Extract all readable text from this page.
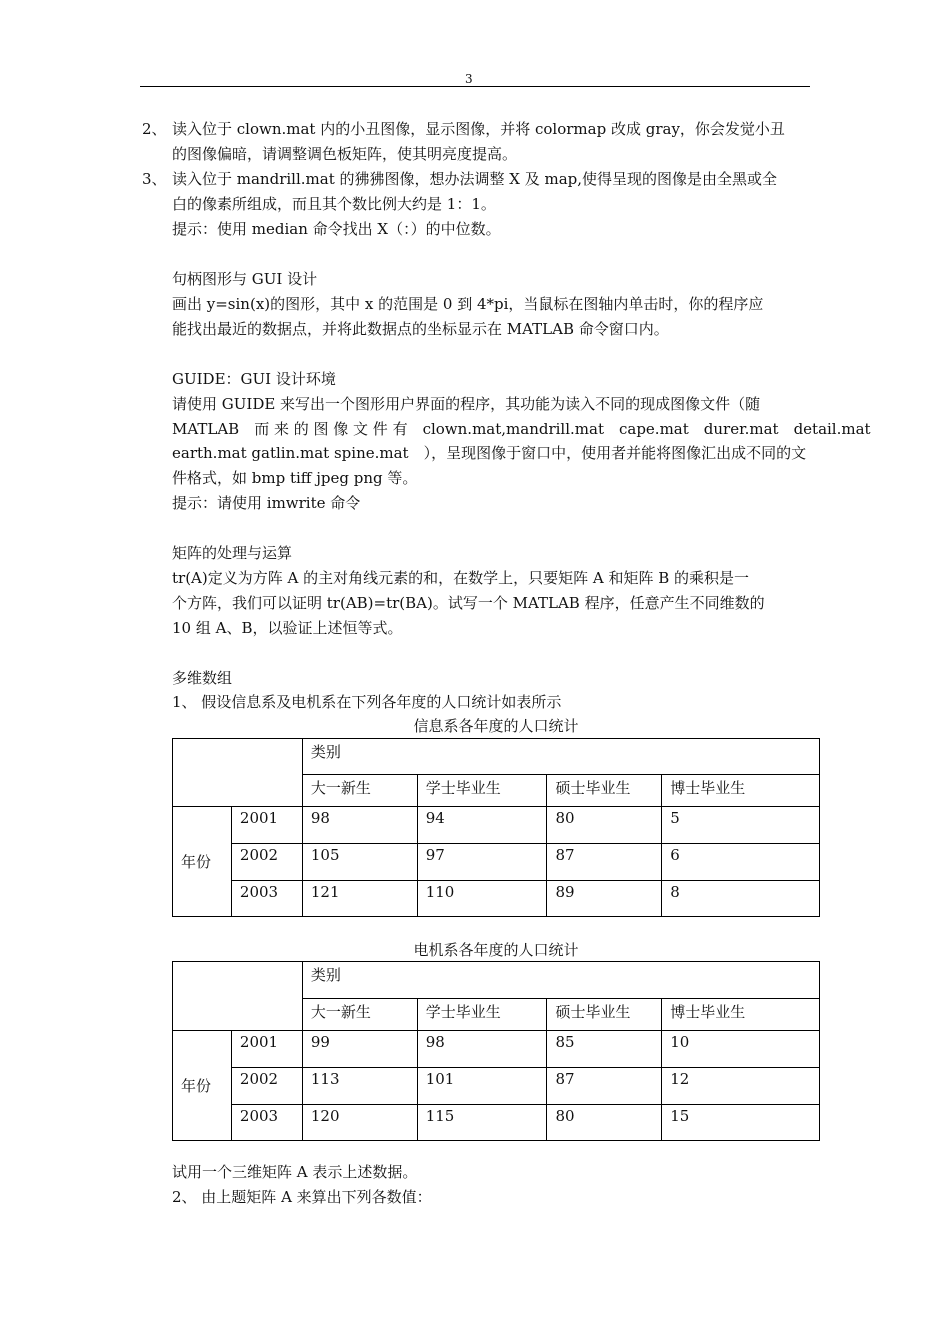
3
2、 读入位于 clown.mat 内的小丑图像，显示图像，并将 colormap 改成 gray，你会发觉小丑
的图像偏暗，请调整调色板矩阵，使其明亮度提高。
3、 读入位于 mandrill.mat 的狒狒图像，想办法调整 X 及 map,使得呈现的图像是由全黑或全
白的像素所组成，而且其个数比例大约是 1：1。
提示：使用 median 命令找出 X（：）的中位数。
句柄图形与 GUI 设计
画出 y=sin(x)的图形，其中 x 的范围是 0 到 4*pi，当鼠标在图轴内单击时，你的程序应
能找出最近的数据点，并将此数据点的坐标显示在 MATLAB 命令窗口内。
GUIDE：GUI 设计环境
请使用 GUIDE 来写出一个图形用户界面的程序，其功能为读入不同的现成图像文件（随
MATLAB　而 来 的 图 像 文 件 有　clown.mat,mandrill.mat　cape.mat　durer.mat　detail.mat
earth.mat gatlin.mat spine.mat　），呈现图像于窗口中，使用者并能将图像汇出成不同的文
件格式，如 bmp tiff jpeg png 等。
提示：请使用 imwrite 命令
矩阵的处理与运算
tr(A)定义为方阵 A 的主对角线元素的和，在数学上，只要矩阵 A 和矩阵 B 的乘积是一
个方阵，我们可以证明 tr(AB)=tr(BA)。试写一个 MATLAB 程序，任意产生不同维数的
10 组 A、B，以验证上述恒等式。
多维数组
1、 假设信息系及电机系在下列各年度的人口统计如表所示
信息系各年度的人口统计
		类别			
		大一新生	学士毕业生	硕士毕业生	博士毕业生
年份	2001	98	94	80	5
	2002	105	97	87	6
	2003	121	110	89	8
电机系各年度的人口统计
		类别			
		大一新生	学士毕业生	硕士毕业生	博士毕业生
年份	2001	99	98	85	10
	2002	113	101	87	12
	2003	120	115	80	15
试用一个三维矩阵 A 表示上述数据。
2、 由上题矩阵 A 来算出下列各数值：
